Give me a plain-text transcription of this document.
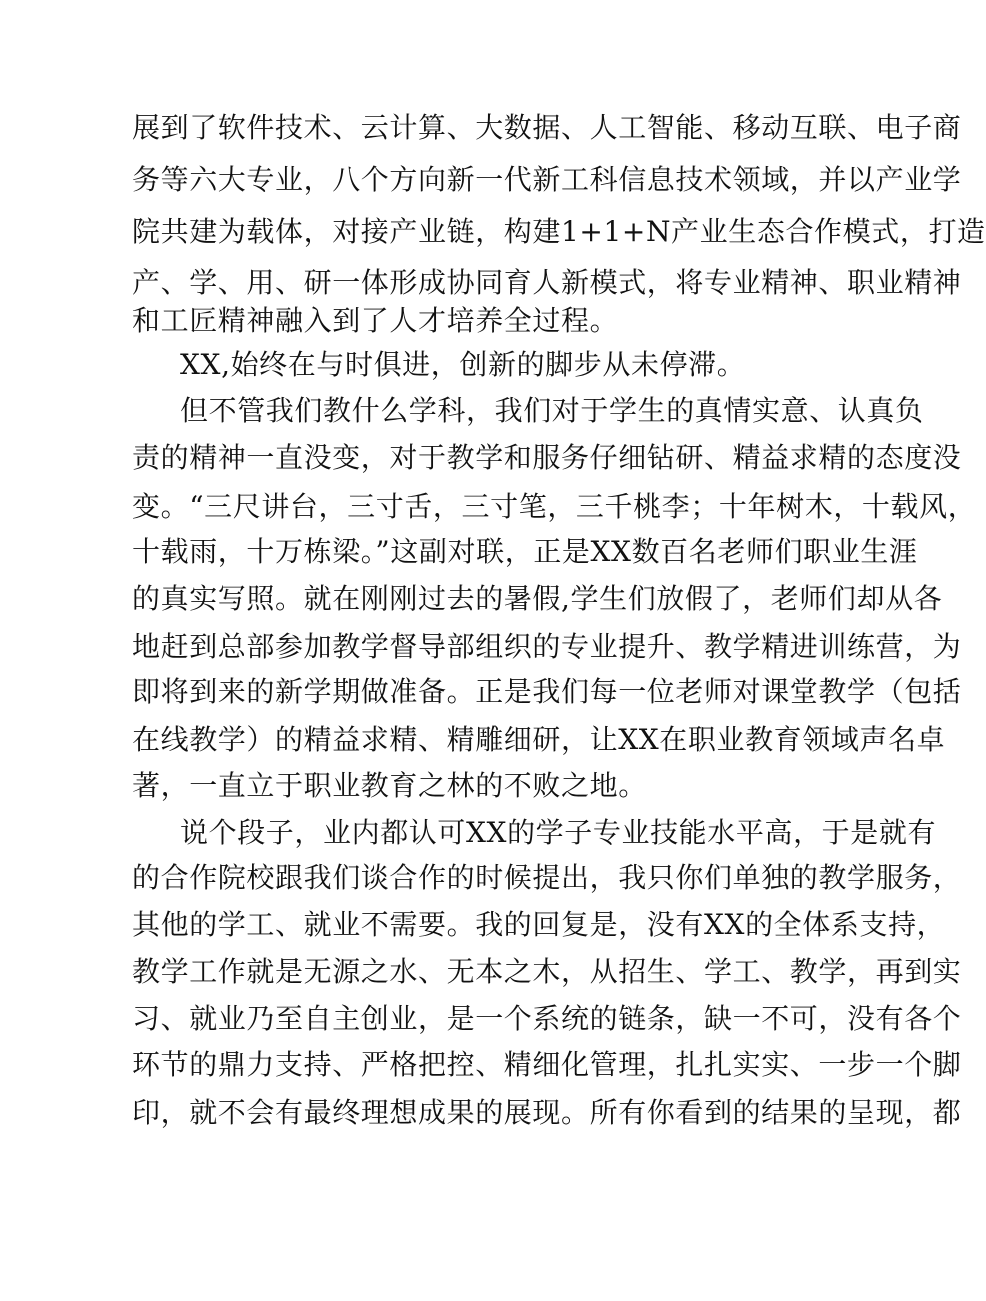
展到了软件技术、云计算、大数据、人工智能、移动互联、电子商
务等六大专业，八个方向新一代新工科信息技术领域，并以产业学
院共建为载体，对接产业链，构建1+1+N产业生态合作模式，打造
产、学、用、研一体形成协同育人新模式，将专业精神、职业精神
和工匠精神融入到了人才培养全过程。
XX,始终在与时俱进，创新的脚步从未停滞。
但不管我们教什么学科，我们对于学生的真情实意、认真负
责的精神一直没变，对于教学和服务仔细钻研、精益求精的态度没
变。“三尺讲台，三寸舌，三寸笔，三千桃李；十年树木，十载风，
十载雨，十万栋梁。”这副对联，正是XX数百名老师们职业生涯
的真实写照。就在刚刚过去的暑假,学生们放假了，老师们却从各
地赶到总部参加教学督导部组织的专业提升、教学精进训练营，为
即将到来的新学期做准备。正是我们每一位老师对课堂教学（包括
在线教学）的精益求精、精雕细研，让XX在职业教育领域声名卓
著，一直立于职业教育之林的不败之地。
说个段子，业内都认可XX的学子专业技能水平高，于是就有
的合作院校跟我们谈合作的时候提出，我只你们单独的教学服务，
其他的学工、就业不需要。我的回复是，没有XX的全体系支持，
教学工作就是无源之水、无本之木，从招生、学工、教学，再到实
习、就业乃至自主创业，是一个系统的链条，缺一不可，没有各个
环节的鼎力支持、严格把控、精细化管理，扎扎实实、一步一个脚
印，就不会有最终理想成果的展现。所有你看到的结果的呈现，都
